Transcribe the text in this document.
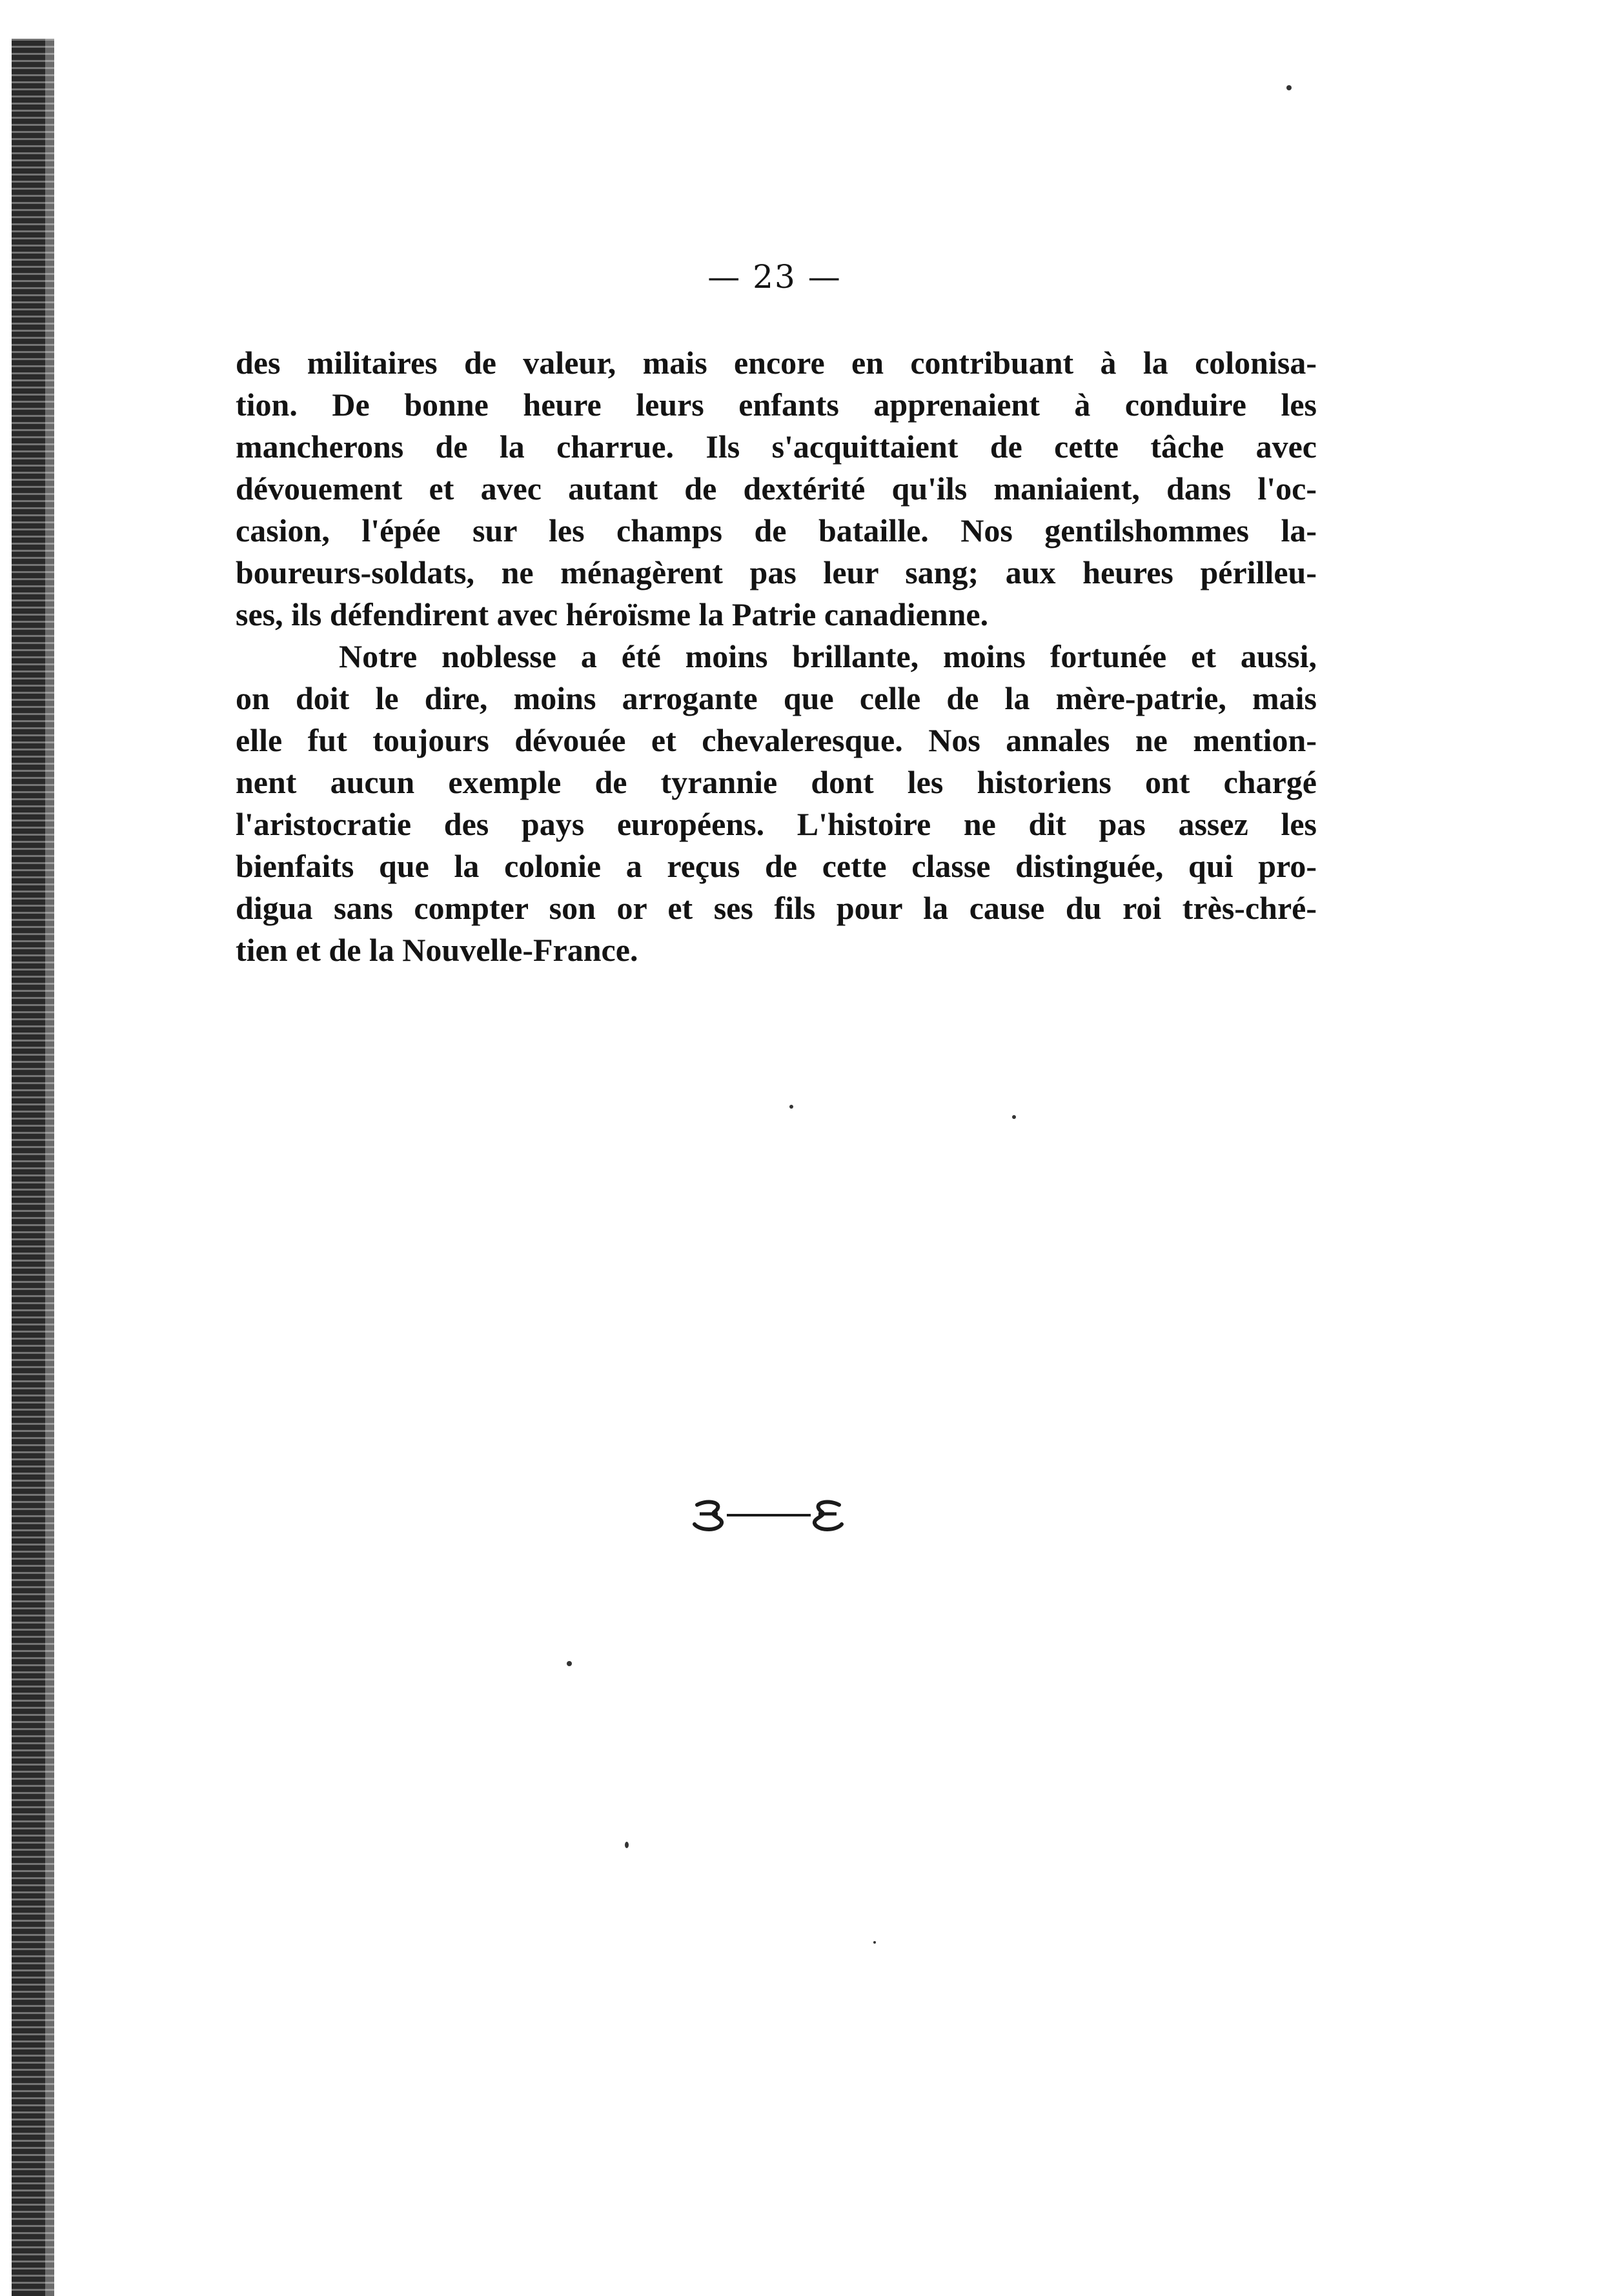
— 23 —

des militaires de valeur, mais encore en contribuant à la colonisa-
tion. De bonne heure leurs enfants apprenaient à conduire les
mancherons de la charrue. Ils s'acquittaient de cette tâche avec
dévouement et avec autant de dextérité qu'ils maniaient, dans l'oc-
casion, l'épée sur les champs de bataille. Nos gentilshommes la-
boureurs-soldats, ne ménagèrent pas leur sang; aux heures périlleu-
ses, ils défendirent avec héroïsme la Patrie canadienne.

Notre noblesse a été moins brillante, moins fortunée et aussi,
on doit le dire, moins arrogante que celle de la mère-patrie, mais
elle fut toujours dévouée et chevaleresque. Nos annales ne mention-
nent aucun exemple de tyrannie dont les historiens ont chargé
l'aristocratie des pays européens. L'histoire ne dit pas assez les
bienfaits que la colonie a reçus de cette classe distinguée, qui pro-
digua sans compter son or et ses fils pour la cause du roi très-chré-
tien et de la Nouvelle-France.
